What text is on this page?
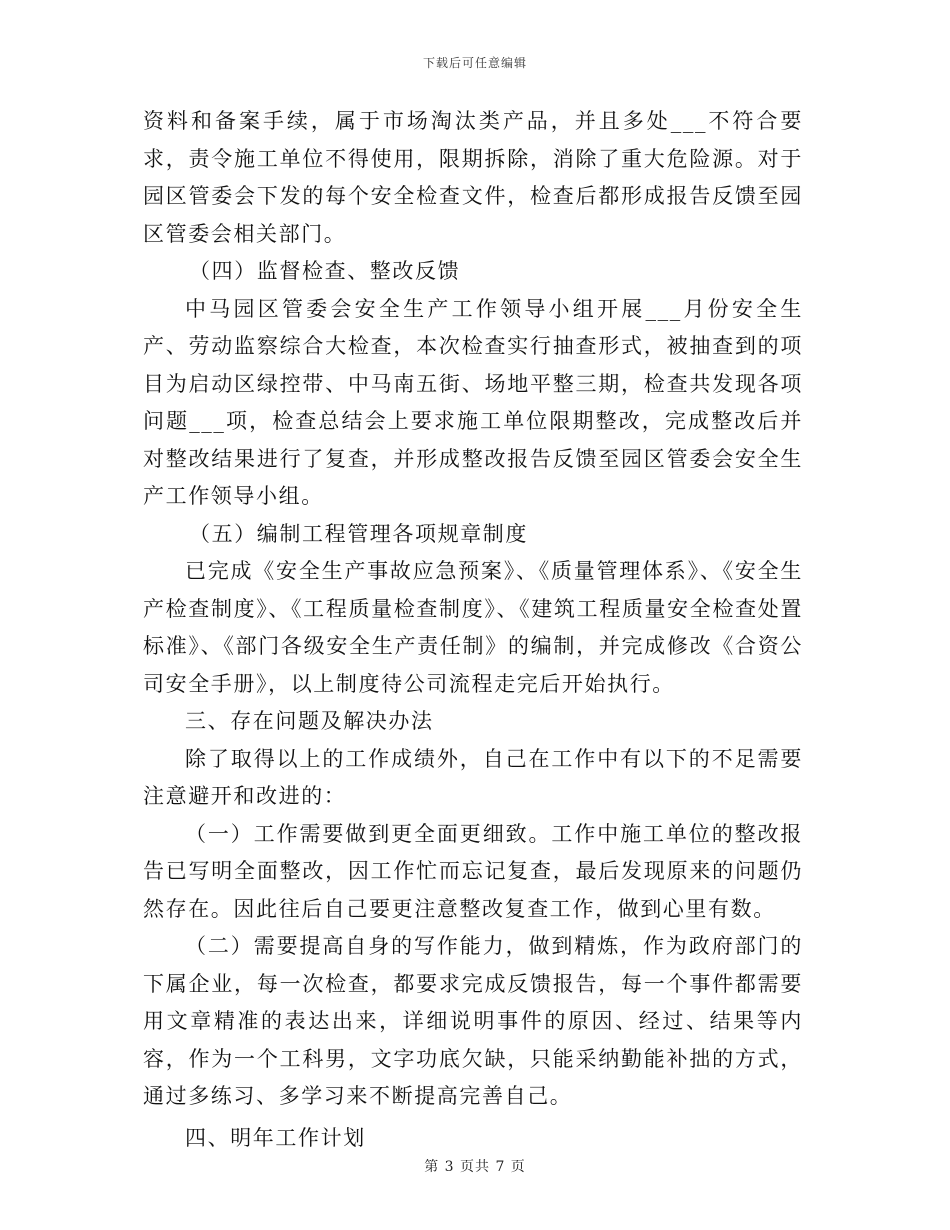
下载后可任意编辑

资料和备案手续，属于市场淘汰类产品，并且多处___不符合要求，责令施工单位不得使用，限期拆除，消除了重大危险源。对于园区管委会下发的每个安全检查文件，检查后都形成报告反馈至园区管委会相关部门。

（四）监督检查、整改反馈

中马园区管委会安全生产工作领导小组开展___月份安全生产、劳动监察综合大检查，本次检查实行抽查形式，被抽查到的项目为启动区绿控带、中马南五街、场地平整三期，检查共发现各项问题___项，检查总结会上要求施工单位限期整改，完成整改后并对整改结果进行了复查，并形成整改报告反馈至园区管委会安全生产工作领导小组。

（五）编制工程管理各项规章制度

已完成《安全生产事故应急预案》、《质量管理体系》、《安全生产检查制度》、《工程质量检查制度》、《建筑工程质量安全检查处置标准》、《部门各级安全生产责任制》的编制，并完成修改《合资公司安全手册》，以上制度待公司流程走完后开始执行。

三、存在问题及解决办法

除了取得以上的工作成绩外，自己在工作中有以下的不足需要注意避开和改进的：

（一）工作需要做到更全面更细致。工作中施工单位的整改报告已写明全面整改，因工作忙而忘记复查，最后发现原来的问题仍然存在。因此往后自己要更注意整改复查工作，做到心里有数。

（二）需要提高自身的写作能力，做到精炼，作为政府部门的下属企业，每一次检查，都要求完成反馈报告，每一个事件都需要用文章精准的表达出来，详细说明事件的原因、经过、结果等内容，作为一个工科男，文字功底欠缺，只能采纳勤能补拙的方式，通过多练习、多学习来不断提高完善自己。

四、明年工作计划

第 3 页共 7 页
